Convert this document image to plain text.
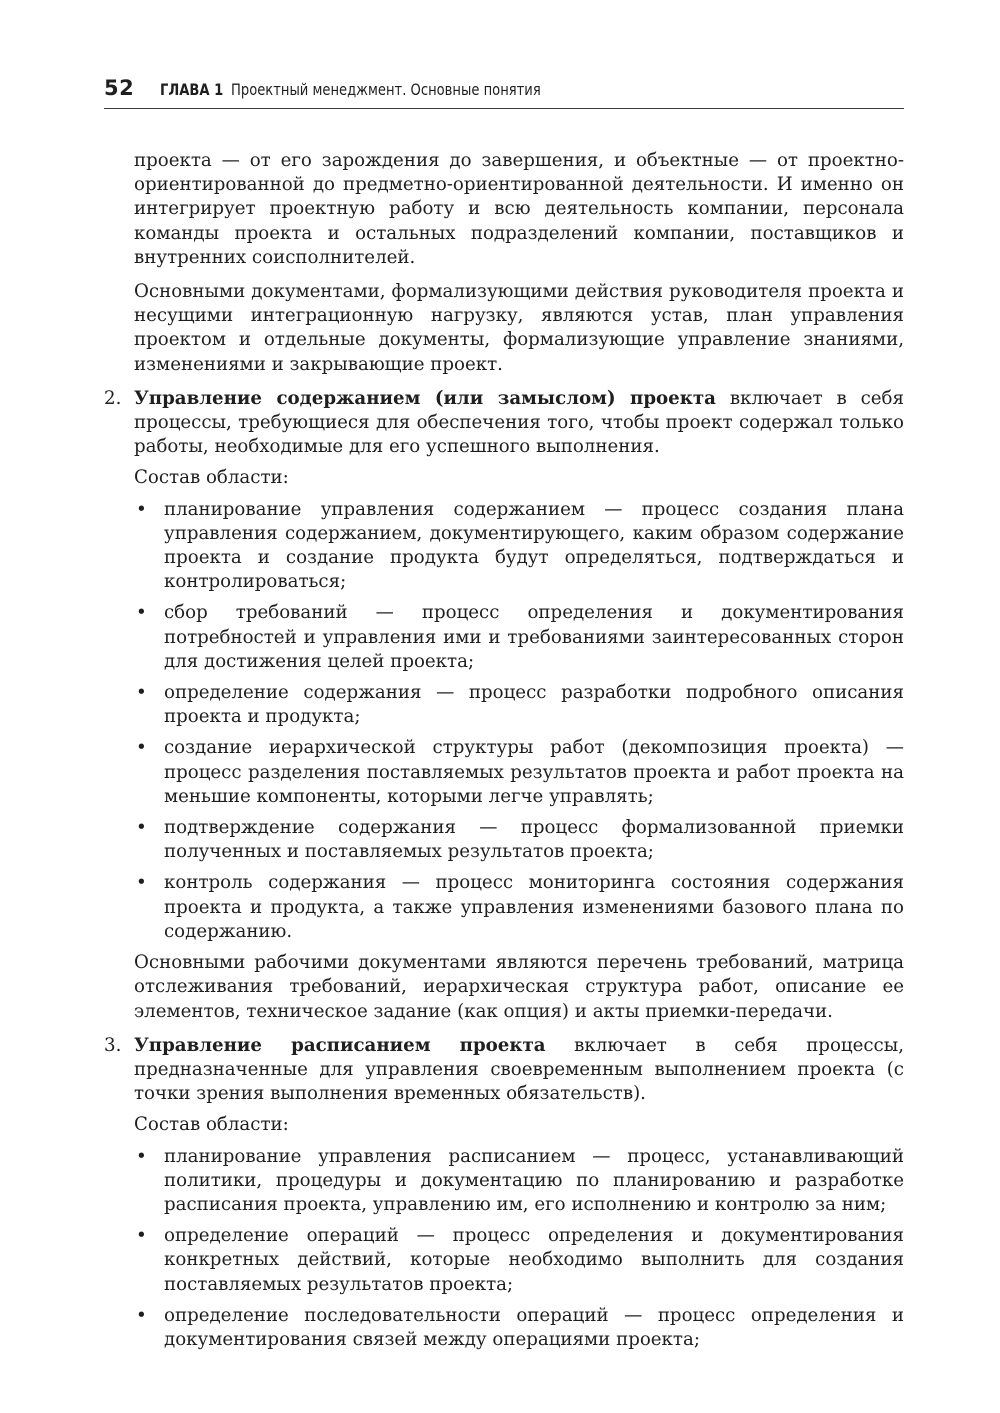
52 ГЛАВА 1 Проектный менеджмент. Основные понятия

проекта — от его зарождения до завершения, и объектные — от проектно-ориентированной до предметно-ориентированной деятельности. И именно он интегрирует проектную работу и всю деятельность компании, персонала команды проекта и остальных подразделений компании, поставщиков и внутренних соисполнителей.

Основными документами, формализующими действия руководителя проекта и несущими интеграционную нагрузку, являются устав, план управления проектом и отдельные документы, формализующие управление знаниями, изменениями и закрывающие проект.

2. Управление содержанием (или замыслом) проекта включает в себя процессы, требующиеся для обеспечения того, чтобы проект содержал только работы, необходимые для его успешного выполнения.

Состав области:

• планирование управления содержанием — процесс создания плана управления содержанием, документирующего, каким образом содержание проекта и создание продукта будут определяться, подтверждаться и контролироваться;
• сбор требований — процесс определения и документирования потребностей и управления ими и требованиями заинтересованных сторон для достижения целей проекта;
• определение содержания — процесс разработки подробного описания проекта и продукта;
• создание иерархической структуры работ (декомпозиция проекта) — процесс разделения поставляемых результатов проекта и работ проекта на меньшие компоненты, которыми легче управлять;
• подтверждение содержания — процесс формализованной приемки полученных и поставляемых результатов проекта;
• контроль содержания — процесс мониторинга состояния содержания проекта и продукта, а также управления изменениями базового плана по содержанию.

Основными рабочими документами являются перечень требований, матрица отслеживания требований, иерархическая структура работ, описание ее элементов, техническое задание (как опция) и акты приемки-передачи.

3. Управление расписанием проекта включает в себя процессы, предназначенные для управления своевременным выполнением проекта (с точки зрения выполнения временных обязательств).

Состав области:

• планирование управления расписанием — процесс, устанавливающий политики, процедуры и документацию по планированию и разработке расписания проекта, управлению им, его исполнению и контролю за ним;
• определение операций — процесс определения и документирования конкретных действий, которые необходимо выполнить для создания поставляемых результатов проекта;
• определение последовательности операций — процесс определения и документирования связей между операциями проекта;
